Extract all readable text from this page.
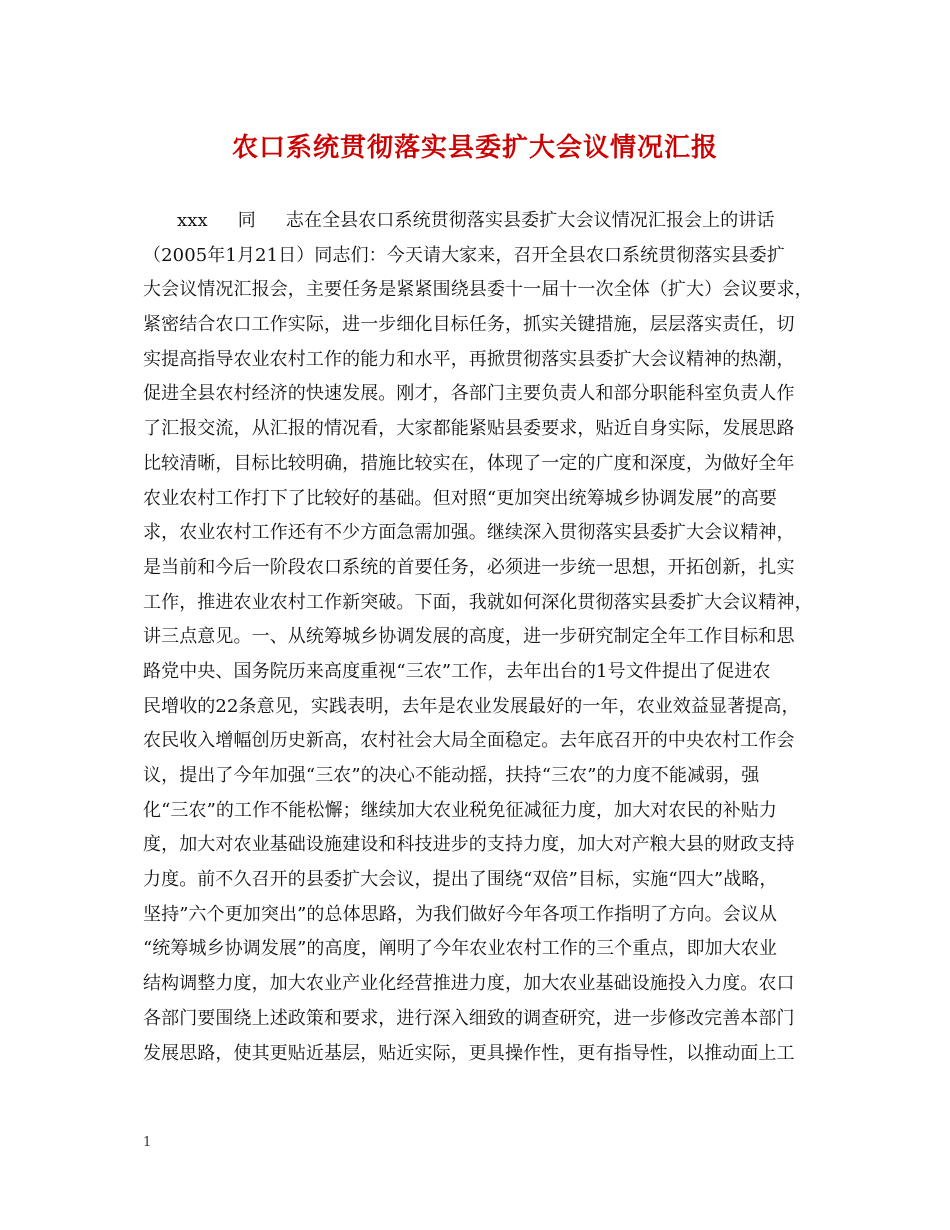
农口系统贯彻落实县委扩大会议情况汇报
xxx 同 志在全县农口系统贯彻落实县委扩大会议情况汇报会上的讲话
（2005年1月21日）同志们：今天请大家来，召开全县农口系统贯彻落实县委扩
大会议情况汇报会，主要任务是紧紧围绕县委十一届十一次全体（扩大）会议要求，
紧密结合农口工作实际，进一步细化目标任务，抓实关键措施，层层落实责任，切
实提高指导农业农村工作的能力和水平，再掀贯彻落实县委扩大会议精神的热潮，
促进全县农村经济的快速发展。刚才，各部门主要负责人和部分职能科室负责人作
了汇报交流，从汇报的情况看，大家都能紧贴县委要求，贴近自身实际，发展思路
比较清晰，目标比较明确，措施比较实在，体现了一定的广度和深度，为做好全年
农业农村工作打下了比较好的基础。但对照“更加突出统筹城乡协调发展”的高要
求，农业农村工作还有不少方面急需加强。继续深入贯彻落实县委扩大会议精神，
是当前和今后一阶段农口系统的首要任务，必须进一步统一思想，开拓创新，扎实
工作，推进农业农村工作新突破。下面，我就如何深化贯彻落实县委扩大会议精神，
讲三点意见。一、从统筹城乡协调发展的高度，进一步研究制定全年工作目标和思
路党中央、国务院历来高度重视“三农”工作，去年出台的1号文件提出了促进农
民增收的22条意见，实践表明，去年是农业发展最好的一年，农业效益显著提高，
农民收入增幅创历史新高，农村社会大局全面稳定。去年底召开的中央农村工作会
议，提出了今年加强“三农”的决心不能动摇，扶持“三农”的力度不能减弱，强
化“三农”的工作不能松懈；继续加大农业税免征减征力度，加大对农民的补贴力
度，加大对农业基础设施建设和科技进步的支持力度，加大对产粮大县的财政支持
力度。前不久召开的县委扩大会议，提出了围绕“双倍”目标，实施“四大”战略，
坚持”六个更加突出”的总体思路，为我们做好今年各项工作指明了方向。会议从
“统筹城乡协调发展”的高度，阐明了今年农业农村工作的三个重点，即加大农业
结构调整力度，加大农业产业化经营推进力度，加大农业基础设施投入力度。农口
各部门要围绕上述政策和要求，进行深入细致的调查研究，进一步修改完善本部门
发展思路，使其更贴近基层，贴近实际，更具操作性，更有指导性，以推动面上工
1
